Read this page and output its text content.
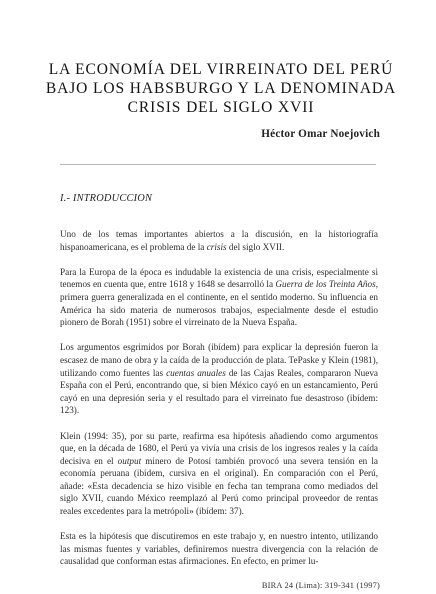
LA ECONOMÍA DEL VIRREINATO DEL PERÚ
BAJO LOS HABSBURGO Y LA DENOMINADA
CRISIS DEL SIGLO XVII
Héctor Omar Noejovich
I.- INTRODUCCION

Uno de los temas importantes abiertos a la discusión, en la historiografía hispanoamericana, es el problema de la crisis del siglo XVII.

Para la Europa de la época es indudable la existencia de una crisis, especialmente si tenemos en cuenta que, entre 1618 y 1648 se desarrolló la Guerra de los Treinta Años, primera guerra generalizada en el continente, en el sentido moderno. Su influencia en América ha sido materia de numerosos trabajos, especialmente desde el estudio pionero de Borah (1951) sobre el virreinato de la Nueva España.

Los argumentos esgrimidos por Borah (ibídem) para explicar la depresión fueron la escasez de mano de obra y la caída de la producción de plata. TePaske y Klein (1981), utilizando como fuentes las cuentas anuales de las Cajas Reales, compararon Nueva España con el Perú, encontrando que, si bien México cayó en un estancamiento, Perú cayó en una depresión seria y el resultado para el virreinato fue desastroso (ibídem: 123).

Klein (1994: 35), por su parte, reafirma esa hipótesis añadiendo como argumentos que, en la década de 1680, el Perú ya vivía una crisis de los ingresos reales y la caída decisiva en el output minero de Potosí también provocó una severa tensión en la economía peruana (ibídem, cursiva en el original). En comparación con el Perú, añade: «Esta decadencia se hizo visible en fecha tan temprana como mediados del siglo XVII, cuando México reemplazó al Perú como principal proveedor de rentas reales excedentes para la metrópoli» (ibídem: 37).

Esta es la hipótesis que discutiremos en este trabajo y, en nuestro intento, utilizando las mismas fuentes y variables, definiremos nuestra divergencia con la relación de causalidad que conforman estas afirmaciones. En efecto, en primer lu-

BIRA 24 (Lima): 319-341 (1997)
